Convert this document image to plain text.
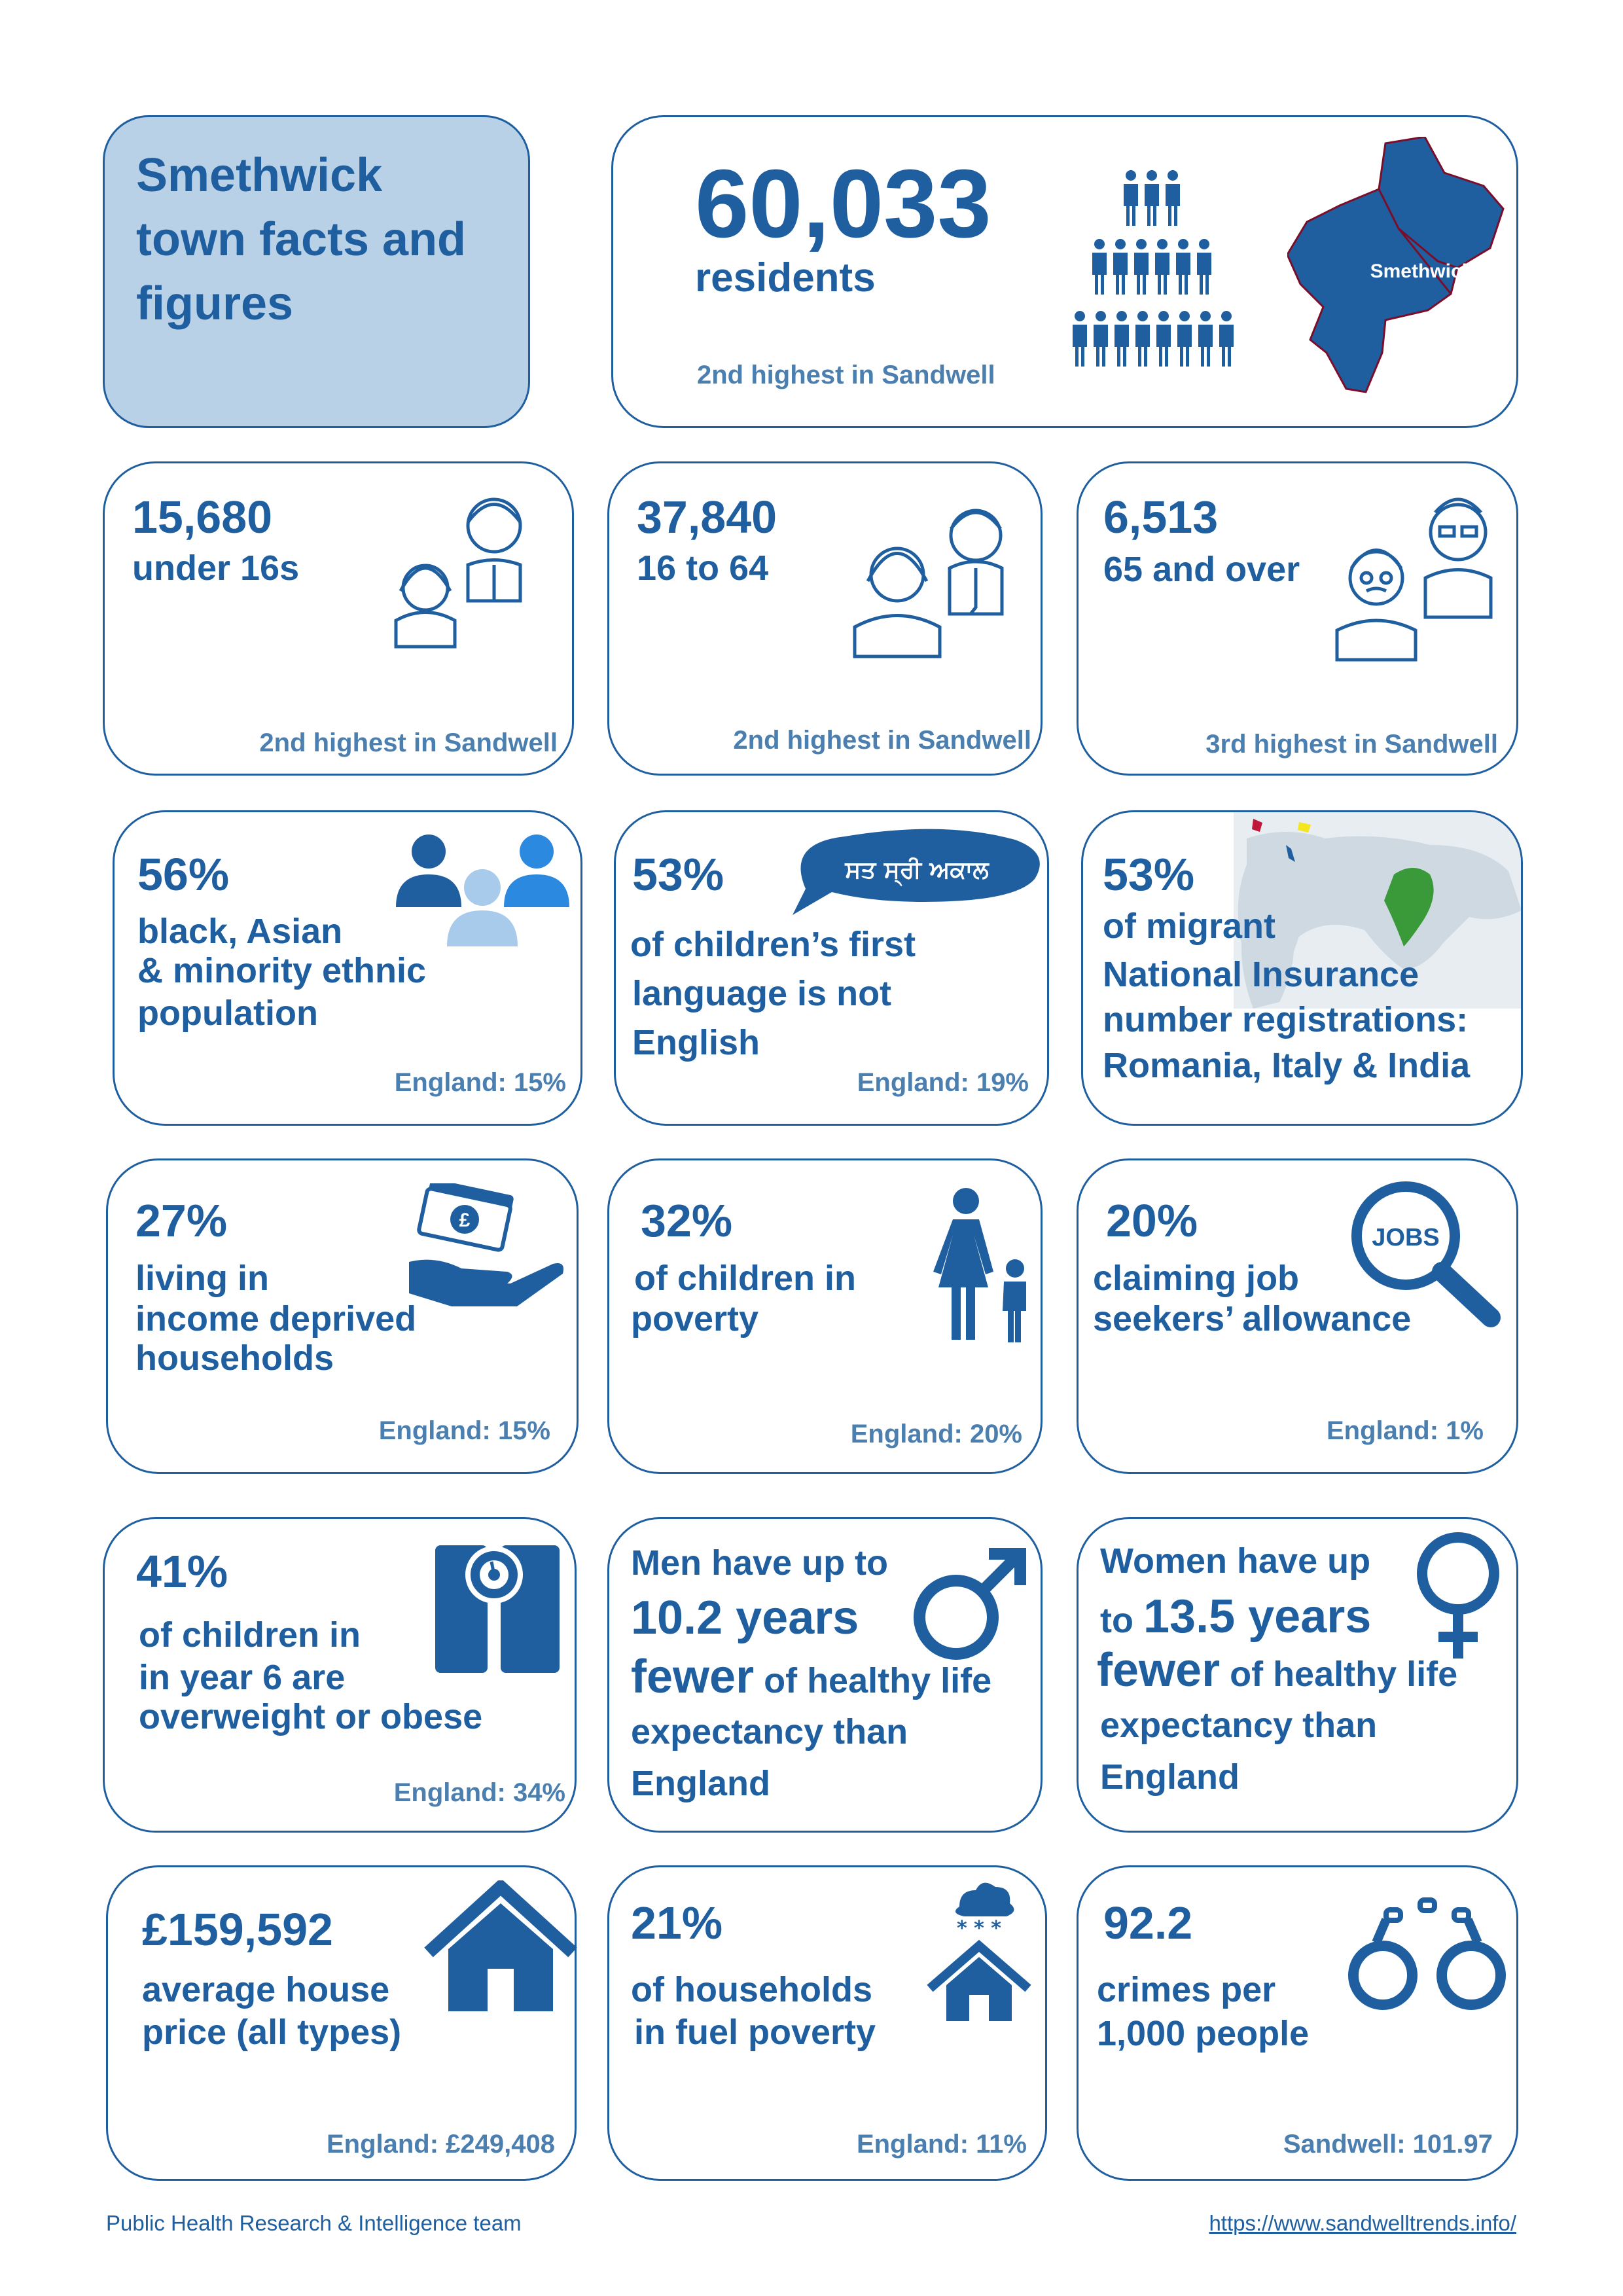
Smethwick town facts and figures
60,033
residents
2nd highest in Sandwell
Smethwick
15,680
under 16s
2nd highest in Sandwell
37,840
16 to 64
2nd highest in Sandwell
6,513
65 and over
3rd highest in Sandwell
56%
black, Asian
& minority ethnic
population
England: 15%
53%
of children’s first
language is not
English
England: 19%
ਸਤ ਸ੍ਰੀ ਅਕਾਲ 53%
of migrant
National Insurance
number registrations:
Romania, Italy & India
27%
living in
income deprived
households
England: 15%
£	32%
of children in
poverty
England: 20%
20%
claiming job
seekers’ allowance
England: 1%
JOBS
41%
of children in
in year 6 are
overweight or obese
England: 34%
Men have up to
10.2 years
fewer of healthy life
expectancy than
England
Women have up
to 13.5 years
fewer of healthy life
expectancy than
England
£159,592
average house
price (all types)
England: £249,408
21%
of households
in fuel poverty
England: 11%
* * * 92.2
crimes per
1,000 people
Sandwell: 101.97
Public Health Research & Intelligence team	https://www.sandwelltrends.info/
